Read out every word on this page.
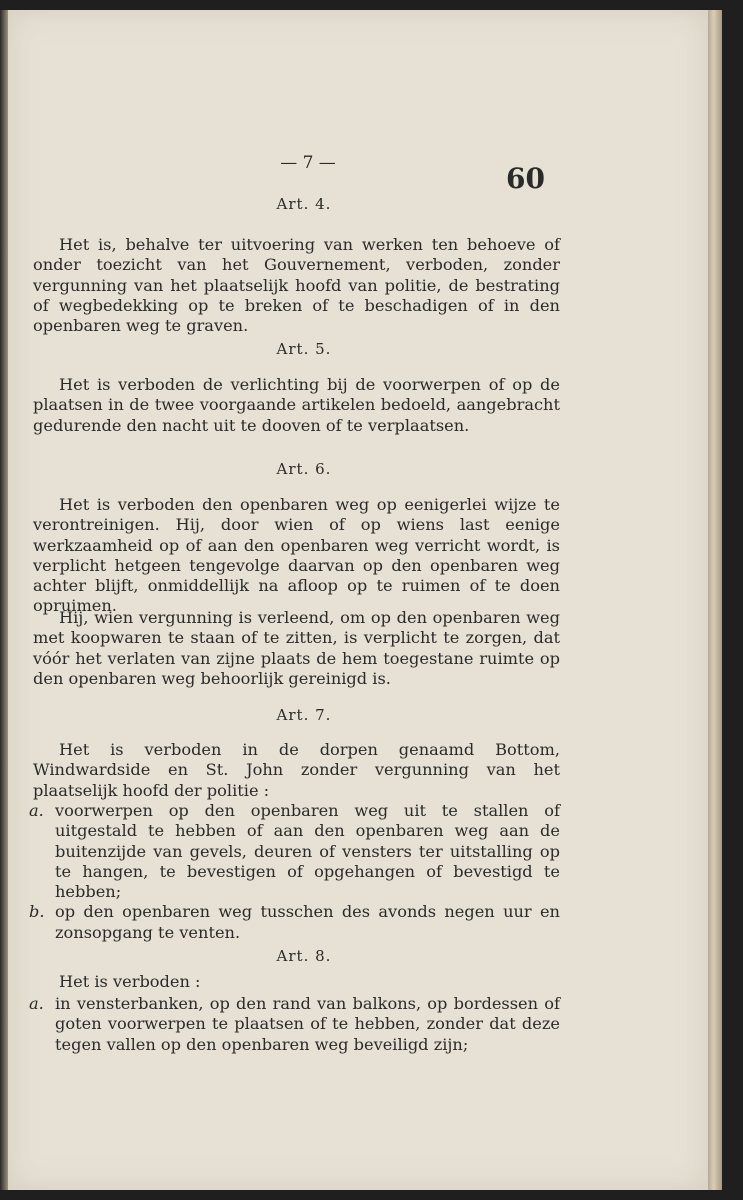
— 7 —	60
Art. 4.
Het is, behalve ter uitvoering van werken ten behoeve of onder toezicht van het Gouvernement, verboden, zonder vergunning van het plaatselijk hoofd van politie, de bestrating of wegbedekking op te breken of te beschadigen of in den openbaren weg te graven.
Art. 5.
Het is verboden de verlichting bij de voorwerpen of op de plaatsen in de twee voorgaande artikelen bedoeld, aangebracht gedurende den nacht uit te dooven of te verplaatsen.
Art. 6.
Het is verboden den openbaren weg op eenigerlei wijze te verontreinigen. Hij, door wien of op wiens last eenige werkzaamheid op of aan den openbaren weg verricht wordt, is verplicht hetgeen tengevolge daarvan op den openbaren weg achter blijft, onmiddellijk na afloop op te ruimen of te doen opruimen.
Hij, wien vergunning is verleend, om op den openbaren weg met koopwaren te staan of te zitten, is verplicht te zorgen, dat vóór het verlaten van zijne plaats de hem toegestane ruimte op den openbaren weg behoorlijk gereinigd is.
Art. 7.
Het is verboden in de dorpen genaamd Bottom, Windwardside en St. John zonder vergunning van het plaatselijk hoofd der politie :
a. voorwerpen op den openbaren weg uit te stallen of uitgestald te hebben of aan den openbaren weg aan de buitenzijde van gevels, deuren of vensters ter uitstalling op te hangen, te bevestigen of opgehangen of bevestigd te hebben;
b. op den openbaren weg tusschen des avonds negen uur en zonsopgang te venten.
Art. 8.
Het is verboden :
a. in vensterbanken, op den rand van balkons, op bordessen of goten voorwerpen te plaatsen of te hebben, zonder dat deze tegen vallen op den openbaren weg beveiligd zijn;
